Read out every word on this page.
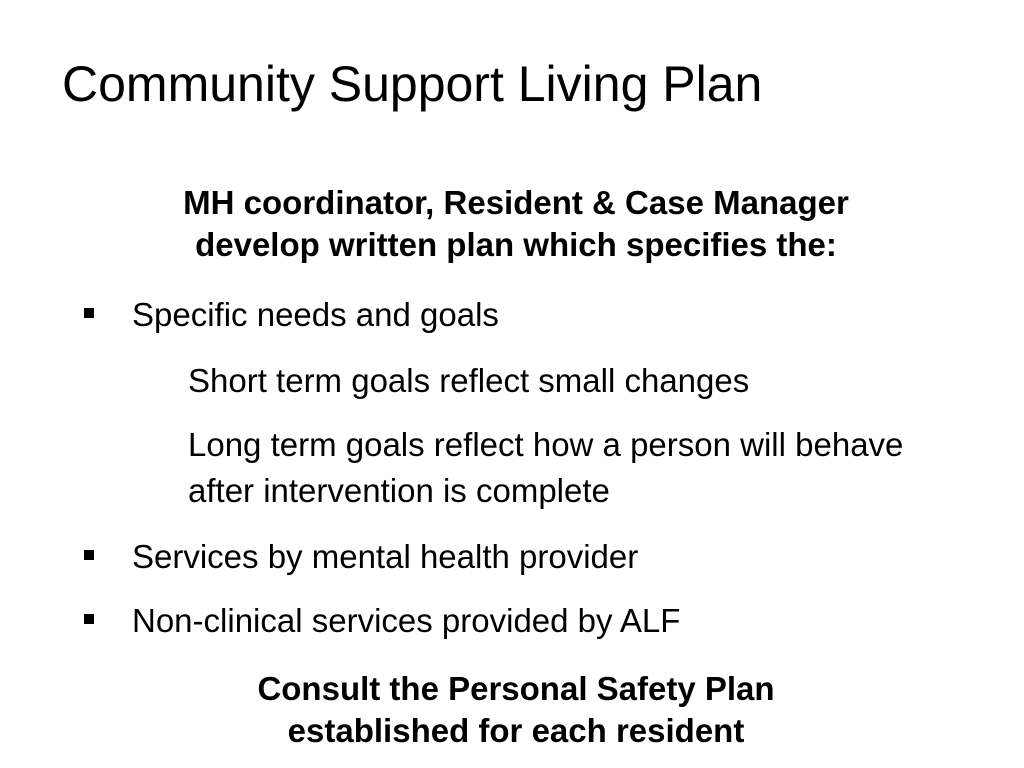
Community Support Living Plan
MH coordinator, Resident & Case Manager
develop written plan which specifies the:
Specific needs and goals
Short term goals reflect small changes
Long term goals reflect how a person will behave after intervention is complete
Services by mental health provider
Non-clinical services provided by ALF
Consult the Personal Safety Plan
established for each resident
